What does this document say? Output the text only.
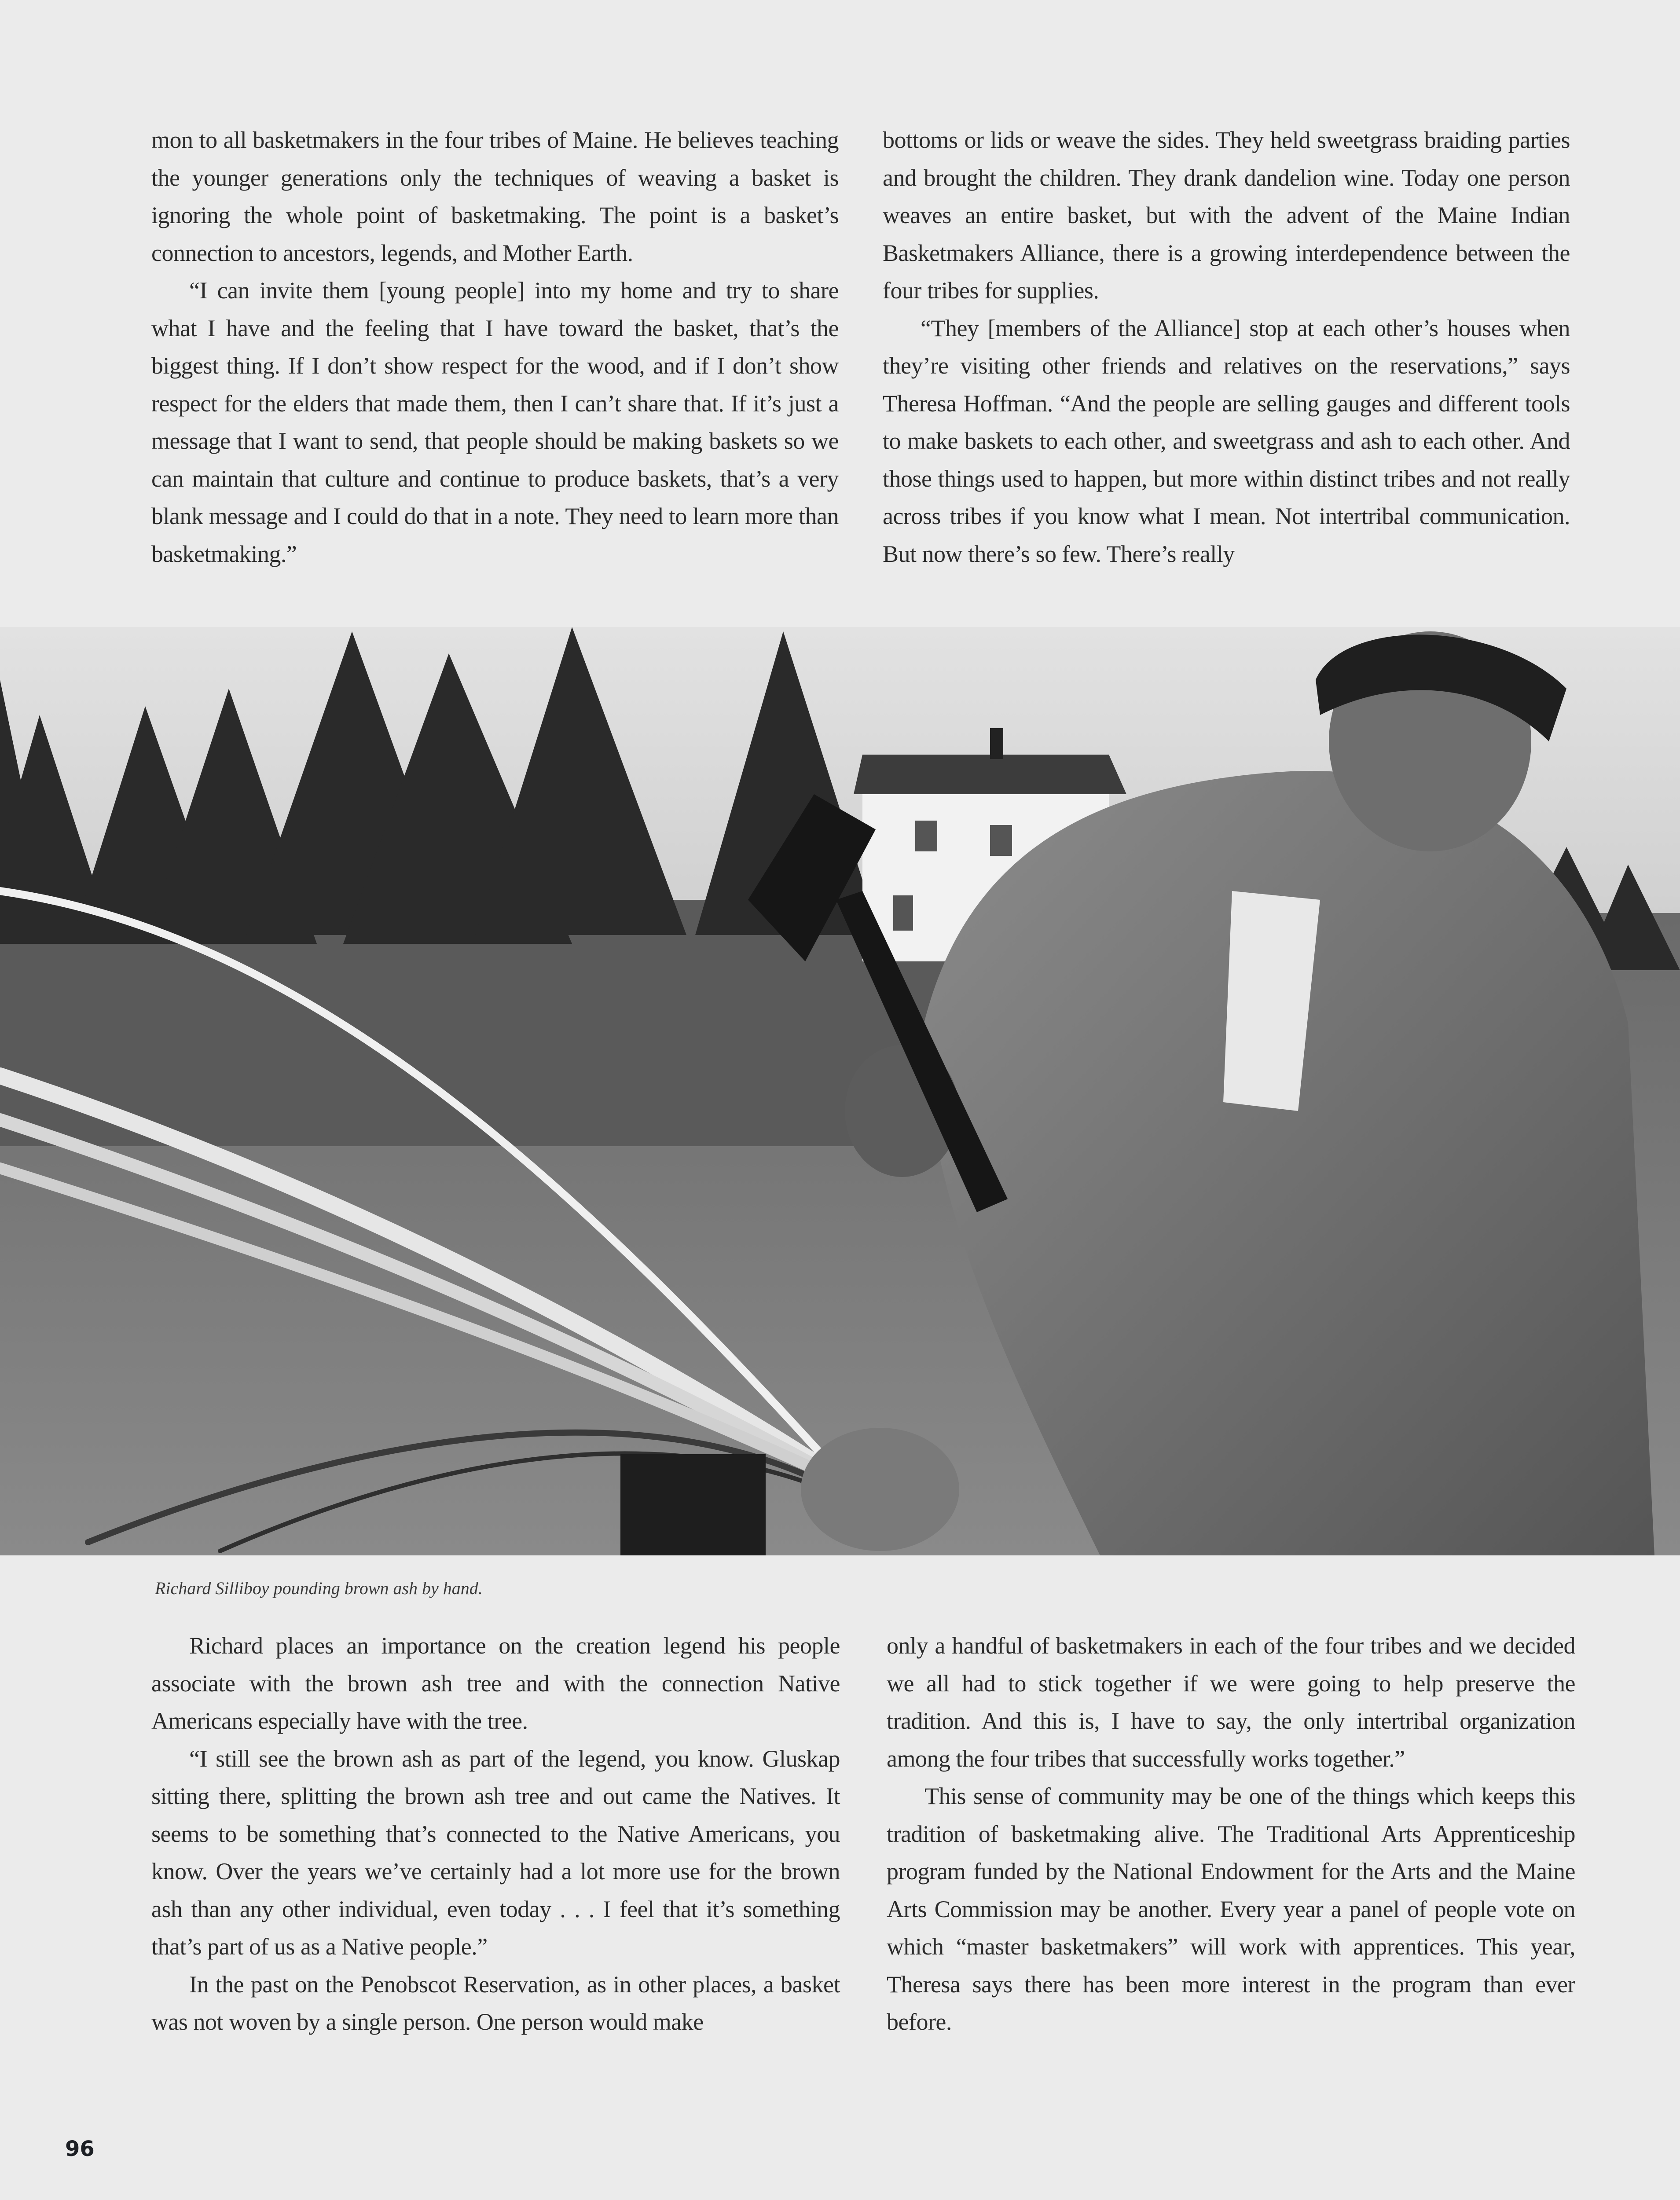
mon to all basketmakers in the four tribes of Maine. He believes teaching the younger generations only the techniques of weaving a basket is ignoring the whole point of basketmaking. The point is a basket’s connection to ancestors, legends, and Mother Earth.

“I can invite them [young people] into my home and try to share what I have and the feeling that I have toward the basket, that’s the biggest thing. If I don’t show respect for the wood, and if I don’t show respect for the elders that made them, then I can’t share that. If it’s just a message that I want to send, that people should be making baskets so we can maintain that culture and continue to produce baskets, that’s a very blank message and I could do that in a note. They need to learn more than basketmaking.”

bottoms or lids or weave the sides. They held sweetgrass braiding parties and brought the children. They drank dandelion wine. Today one person weaves an entire basket, but with the advent of the Maine Indian Basketmakers Alliance, there is a growing interdependence between the four tribes for supplies.

“They [members of the Alliance] stop at each other’s houses when they’re visiting other friends and relatives on the reservations,” says Theresa Hoffman. “And the people are selling gauges and different tools to make baskets to each other, and sweetgrass and ash to each other. And those things used to happen, but more within distinct tribes and not really across tribes if you know what I mean. Not intertribal communication. But now there’s so few. There’s really

Richard Silliboy pounding brown ash by hand.

Richard places an importance on the creation legend his people associate with the brown ash tree and with the connection Native Americans especially have with the tree.

“I still see the brown ash as part of the legend, you know. Gluskap sitting there, splitting the brown ash tree and out came the Natives. It seems to be something that’s connected to the Native Americans, you know. Over the years we’ve certainly had a lot more use for the brown ash than any other individual, even today . . . I feel that it’s something that’s part of us as a Native people.”

In the past on the Penobscot Reservation, as in other places, a basket was not woven by a single person. One person would make

only a handful of basketmakers in each of the four tribes and we decided we all had to stick together if we were going to help preserve the tradition. And this is, I have to say, the only intertribal organization among the four tribes that successfully works together.”

This sense of community may be one of the things which keeps this tradition of basketmaking alive. The Traditional Arts Apprenticeship program funded by the National Endowment for the Arts and the Maine Arts Commission may be another. Every year a panel of people vote on which “master basketmakers” will work with apprentices. This year, Theresa says there has been more interest in the program than ever before.

96
